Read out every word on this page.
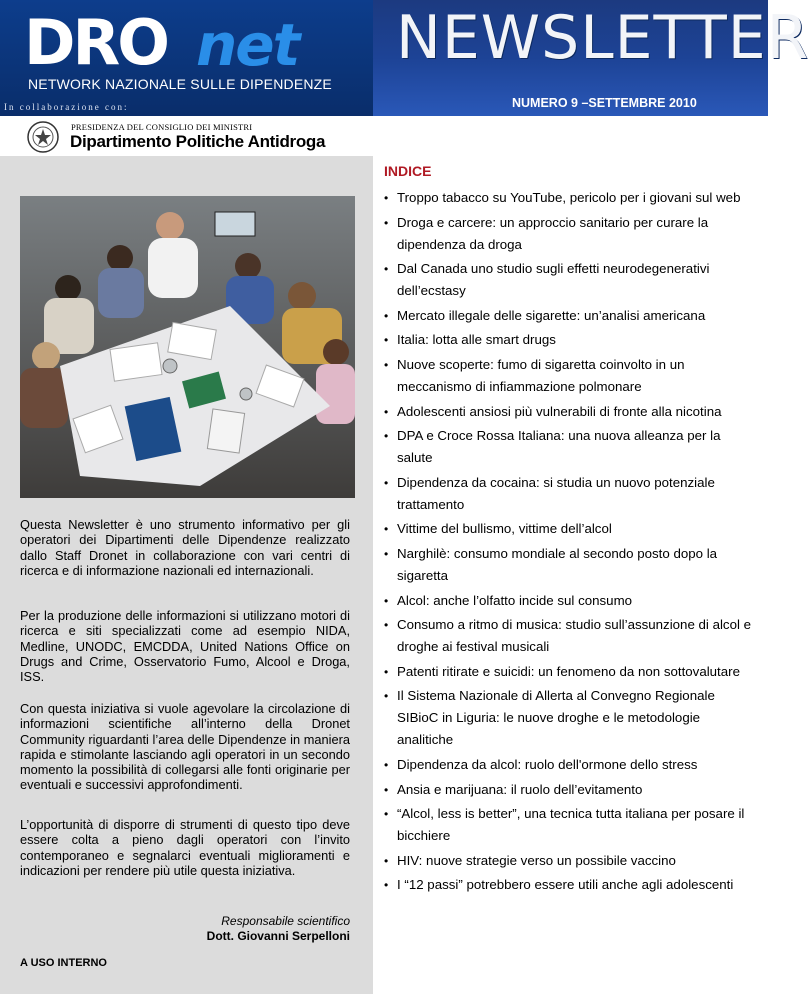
DRO net
NETWORK NAZIONALE SULLE DIPENDENZE
In collaborazione con:
NEWSLETTER
NUMERO 9 –SETTEMBRE 2010
PRESIDENZA DEL CONSIGLIO DEI MINISTRI
Dipartimento Politiche Antidroga

Questa Newsletter è uno strumento informativo per gli operatori dei Dipartimenti delle Dipendenze realizzato dallo Staff Dronet in collaborazione con vari centri di ricerca e di informazione nazionali ed internazionali.

Per la produzione delle informazioni si utilizzano motori di ricerca e siti specializzati come ad esempio NIDA, Medline, UNODC, EMCDDA, United Nations Office on Drugs and Crime, Osservatorio Fumo, Alcool e Droga, ISS.

Con questa iniziativa si vuole agevolare la circolazione di informazioni scientifiche all’interno della Dronet Community riguardanti l’area delle Dipendenze in maniera rapida e stimolante lasciando agli operatori in un secondo momento la possibilità di collegarsi alle fonti originarie per eventuali e successivi approfondimenti.

L’opportunità di disporre di strumenti di questo tipo deve essere colta a pieno dagli operatori con l’invito contemporaneo e segnalarci eventuali miglioramenti e indicazioni per rendere più utile questa iniziativa.

Responsabile scientifico
Dott. Giovanni Serpelloni
A USO INTERNO
INDICE
• Troppo tabacco su YouTube, pericolo per i giovani sul web
• Droga e carcere: un approccio sanitario per curare la dipendenza da droga
• Dal Canada uno studio sugli effetti neurodegenerativi dell’ecstasy
• Mercato illegale delle sigarette: un’analisi americana
• Italia: lotta alle smart drugs
• Nuove scoperte: fumo di sigaretta coinvolto in un meccanismo di infiammazione polmonare
• Adolescenti ansiosi più vulnerabili di fronte alla nicotina
• DPA e Croce Rossa Italiana: una nuova alleanza per la salute
• Dipendenza da cocaina: si studia un nuovo potenziale trattamento
• Vittime del bullismo, vittime dell’alcol
• Narghilè: consumo mondiale al secondo posto dopo la sigaretta
• Alcol: anche l’olfatto incide sul consumo
• Consumo a ritmo di musica: studio sull’assunzione di alcol e droghe ai festival musicali
• Patenti ritirate e suicidi: un fenomeno da non sottovalutare
• Il Sistema Nazionale di Allerta al Convegno Regionale SIBioC in Liguria: le nuove droghe e le metodologie analitiche
• Dipendenza da alcol: ruolo dell'ormone dello stress
• Ansia e marijuana: il ruolo dell’evitamento
• “Alcol, less is better”, una tecnica tutta italiana per posare il bicchiere
• HIV: nuove strategie verso un possibile vaccino
• I “12 passi” potrebbero essere utili anche agli adolescenti
